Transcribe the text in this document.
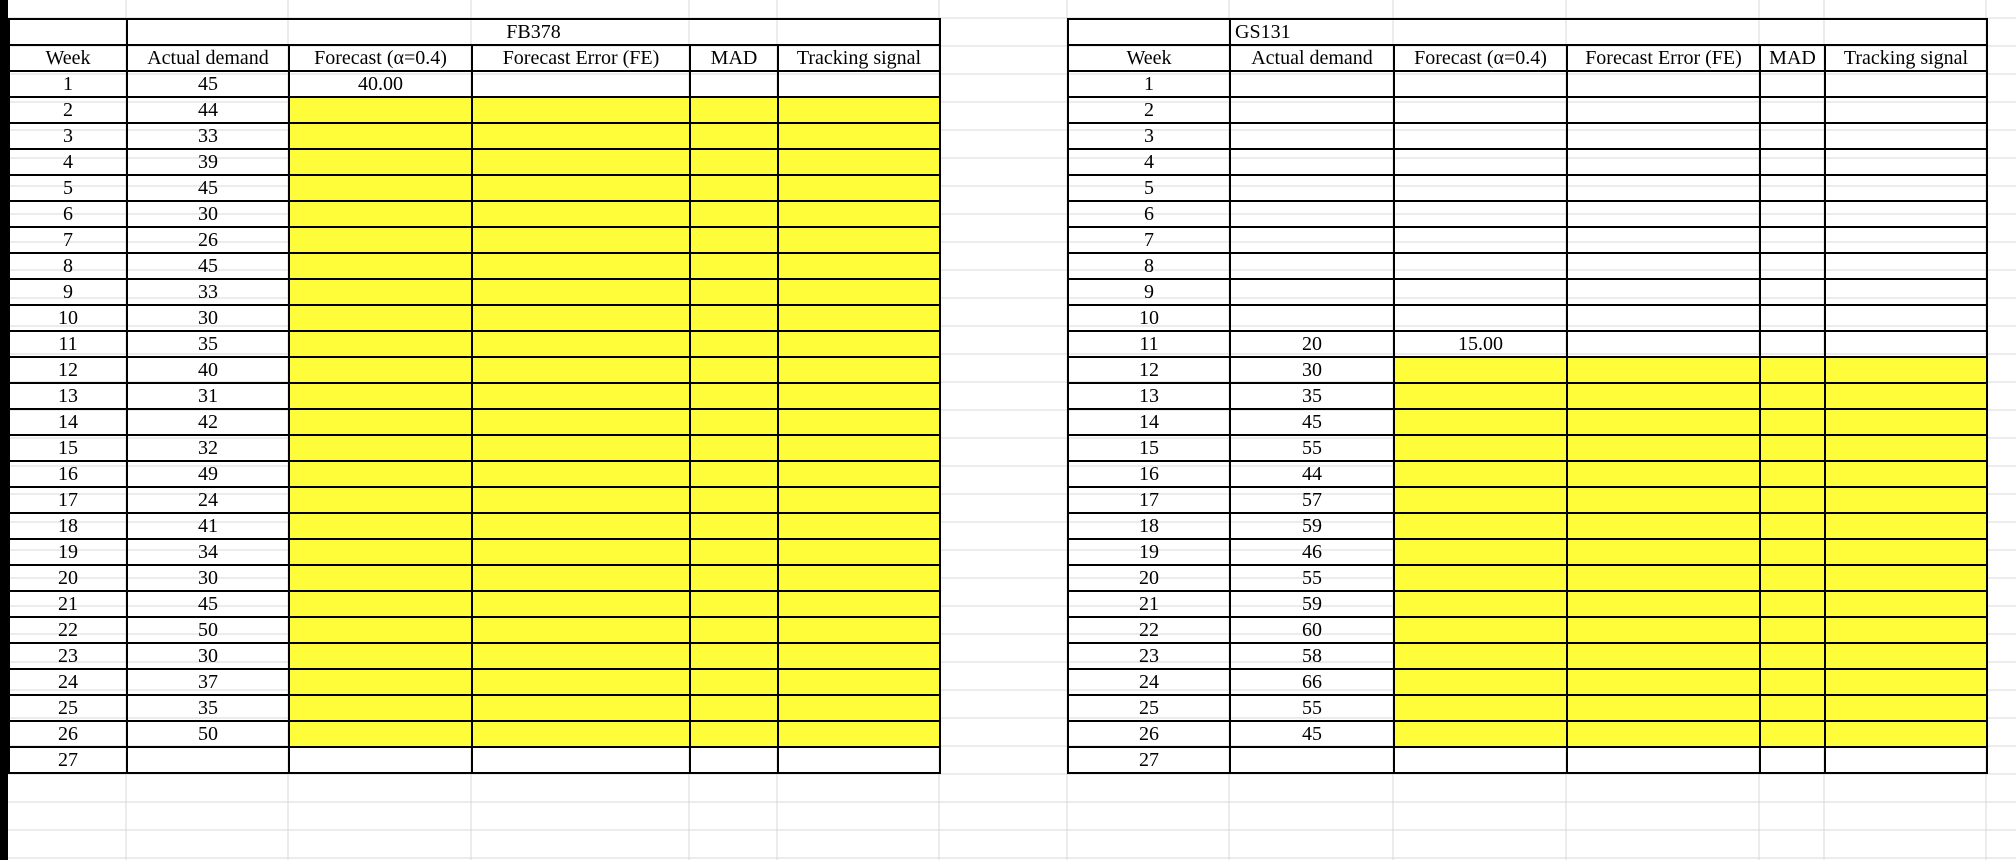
	FB378				
Week	Actual demand	Forecast (α=0.4)	Forecast Error (FE)	MAD	Tracking signal
1	45	40.00			
2	44				
3	33				
4	39				
5	45				
6	30				
7	26				
8	45				
9	33				
10	30				
11	35				
12	40				
13	31				
14	42				
15	32				
16	49				
17	24				
18	41				
19	34				
20	30				
21	45				
22	50				
23	30				
24	37				
25	35				
26	50				
27					
	GS131				
Week	Actual demand	Forecast (α=0.4)	Forecast Error (FE)	MAD	Tracking signal
1					
2					
3					
4					
5					
6					
7					
8					
9					
10					
11	20	15.00			
12	30				
13	35				
14	45				
15	55				
16	44				
17	57				
18	59				
19	46				
20	55				
21	59				
22	60				
23	58				
24	66				
25	55				
26	45				
27					
